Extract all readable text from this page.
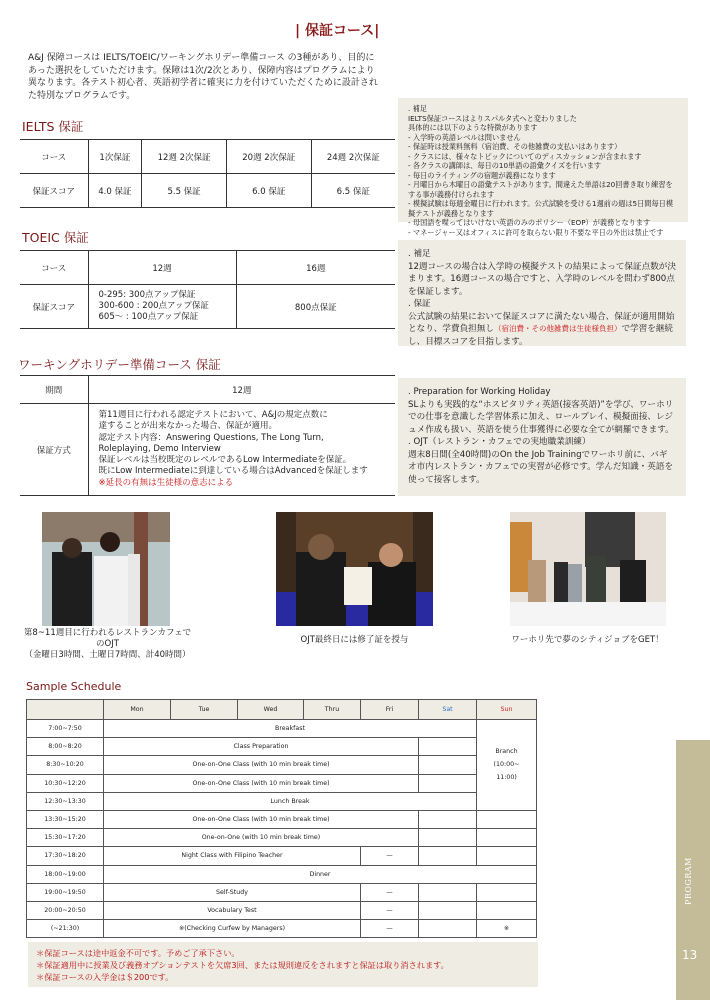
| 保証コース|
A&J 保障コースは IELTS/TOEIC/ワーキングホリデー準備コース の3種があり、目的にあった選択をしていただけます。保障は1次/2次とあり、保障内容はプログラムにより異なります。各テスト初心者、英語初学者に確実に力を付けていただくために設計された特別なプログラムです。
IELTS 保証
コース	1次保証	12週 2次保証	20週 2次保証	24週 2次保証
保証スコア	4.0 保証	5.5 保証	6.0 保証	6.5 保証
. 補足
IELTS保証コースはよりスパルタ式へと変わりました
具体的には以下のような特徴があります
- 入学時の英語レベルは問いません
- 保証時は授業料無料（宿泊費、その他雑費の支払いはあります）
- クラスには、様々なトピックについてのディスカッションが含まれます
- 各クラスの講師は、毎日の10単語の語彙クイズを行います
- 毎日のライティングの宿題が義務になります
- 月曜日から木曜日の語彙テストがあります。間違えた単語は20回書き取り練習をする事が義務付けられます
- 模擬試験は毎週金曜日に行われます。公式試験を受ける1週前の週は5日間毎日模擬テストが義務となります
- 母国語を喋ってはいけない英語のみのポリシー（EOP）が義務となります
- マネージャー又はオフィスに許可を取らない限り不要な平日の外出は禁止です
TOEIC 保証
コース	12週	16週
保証スコア	0-295: 300点アップ保証
300-600 : 200点アップ保証
605〜 : 100点アップ保証	800点保証
. 補足
12週コースの場合は入学時の模擬テストの結果によって保証点数が決まります。16週コースの場合ですと、入学時のレベルを問わず800点を保証します。
. 保証
公式試験の結果において保証スコアに満たない場合、保証が適用開始となり、学費負担無し（宿泊費・その他雑費は生徒様負担）で学習を継続し、目標スコアを目指します。
ワーキングホリデー準備コース 保証
期間	12週
保証方式	
第11週目に行われる認定テストにおいて、A&Jの規定点数に
達することが出来なかった場合、保証が適用。
認定テスト内容：Answering Questions, The Long Turn,
Roleplaying, Demo Interview
保証レベルは当校既定のレベルであるLow Intermediateを保証。
既にLow Intermediateに到達している場合はAdvancedを保証します
※延長の有無は生徒様の意志による
. Preparation for Working Holiday
SLよりも実践的な“ホスピタリティ英語(接客英語)”を学び、ワーホリでの仕事を意識した学習体系に加え、ロールプレイ、模擬面接、レジュメ作成も扱い、英語を使う仕事獲得に必要な全てが網羅できます。
. OJT（レストラン・カフェでの実地職業訓練）
週末8日間(全40時間)のOn the Job Trainingでワーホリ前に、バギオ市内レストラン・カフェでの実習が必修です。学んだ知識・英語を使って接客します。
第8~11週目に行われるレストランカフェでのOJT
（金曜日3時間、土曜日7時間、計40時間）
OJT最終日には修了証を授与	ワーホリ先で夢のシティジョブをGET！
Sample Schedule
	Mon	Tue	Wed	Thru	Fri	Sat	Sun
7:00~7:50	Breakfast						Branch
(10:00~
11:00)

8:00~8:20	Class Preparation						
8:30~10:20	One-on-One Class (with 10 min break time)						
10:30~12:20	One-on-One Class (with 10 min break time)						
12:30~13:30	Lunch Break						
13:30~15:20	One-on-One Class (with 10 min break time)						
15:30~17:20	One-on-One (with 10 min break time)						
17:30~18:20	Night Class with Filipino Teacher				—		
18:00~19:00	Dinner						
19:00~19:50	Self-Study				—		
20:00~20:50	Vocabulary Test				—		
(~21:30)	※(Checking Curfew by Managers)				—		※
＊保証コースは途中返金不可です。予めご了承下さい。
＊保証適用中に授業及び義務オプションテストを欠席3回、または規則違反をされますと保証は取り消されます。
＊保証コースの入学金は＄200です。
PROGRAM
13
